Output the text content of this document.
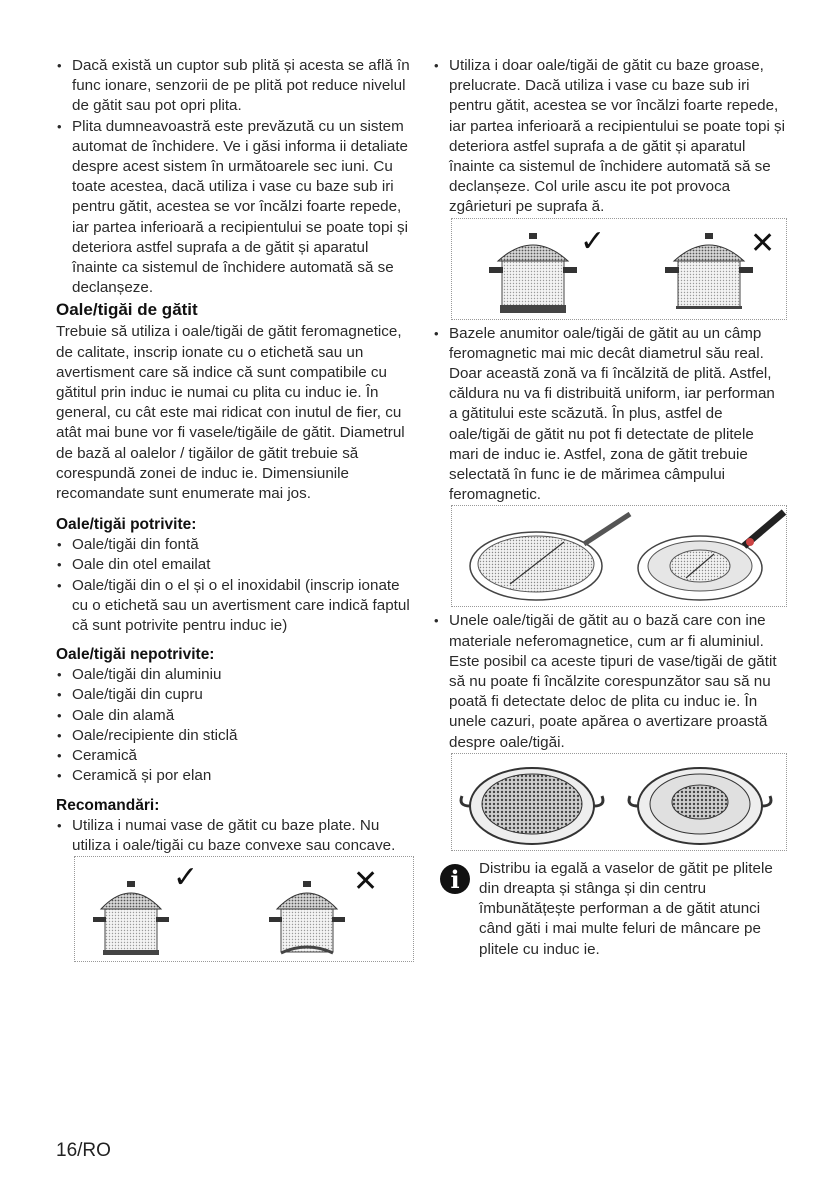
• Dacă există un cuptor sub plită și acesta se află în func ionare, senzorii de pe plită pot reduce nivelul de gătit sau pot opri plita.
• Plita dumneavoastră este prevăzută cu un sistem automat de închidere. Ve i găsi informa ii detaliate despre acest sistem în următoarele sec iuni. Cu toate acestea, dacă utiliza i vase cu baze sub iri pentru gătit, acestea se vor încălzi foarte repede, iar partea inferioară a recipientului se poate topi și deteriora astfel suprafa a de gătit și aparatul înainte ca sistemul de închidere automată să se declanșeze.
Oale/tigăi de gătit

Trebuie să utiliza i oale/tigăi de gătit feromagnetice, de calitate, inscrip ionate cu o etichetă sau un avertisment care să indice că sunt compatibile cu gătitul prin induc ie numai cu plita cu induc ie. În general, cu cât este mai ridicat con inutul de fier, cu atât mai bune vor fi vasele/tigăile de gătit. Diametrul de bază al oalelor / tigăilor de gătit trebuie să corespundă zonei de induc ie. Dimensiunile recomandate sunt enumerate mai jos.

Oale/tigăi potrivite:
• Oale/tigăi din fontă
• Oale din otel emailat
• Oale/tigăi din o el și o el inoxidabil (inscrip ionate cu o etichetă sau un avertisment care indică faptul că sunt potrivite pentru induc ie)
Oale/tigăi nepotrivite:
• Oale/tigăi din aluminiu
• Oale/tigăi din cupru
• Oale din alamă
• Oale/recipiente din sticlă
• Ceramică
• Ceramică și por elan
Recomandări:
• Utiliza i numai vase de gătit cu baze plate. Nu utiliza i oale/tigăi cu baze convexe sau concave.
✓	✕
• Utiliza i doar oale/tigăi de gătit cu baze groase, prelucrate. Dacă utiliza i vase cu baze sub iri pentru gătit, acestea se vor încălzi foarte repede, iar partea inferioară a recipientului se poate topi și deteriora astfel suprafa a de gătit și aparatul înainte ca sistemul de închidere automată să se declanșeze. Col urile ascu ite pot provoca zgârieturi pe suprafa ă.
✓	✕
• Bazele anumitor oale/tigăi de gătit au un câmp feromagnetic mai mic decât diametrul său real. Doar această zonă va fi încălzită de plită. Astfel, căldura nu va fi distribuită uniform, iar performan a gătitului este scăzută. În plus, astfel de oale/tigăi de gătit nu pot fi detectate de plitele mari de induc ie. Astfel, zona de gătit trebuie selectată în func ie de mărimea câmpului feromagnetic.
• Unele oale/tigăi de gătit au o bază care con ine materiale neferomagnetice, cum ar fi aluminiul. Este posibil ca aceste tipuri de vase/tigăi de gătit să nu poate fi încălzite corespunzător sau să nu poată fi detectate deloc de plita cu induc ie. În unele cazuri, poate apărea o avertizare proastă despre oale/tigăi.
i Distribu ia egală a vaselor de gătit pe plitele din dreapta și stânga și din centru îmbunătățește performan a de gătit atunci când găti i mai multe feluri de mâncare pe plitele cu induc ie.

16/RO
